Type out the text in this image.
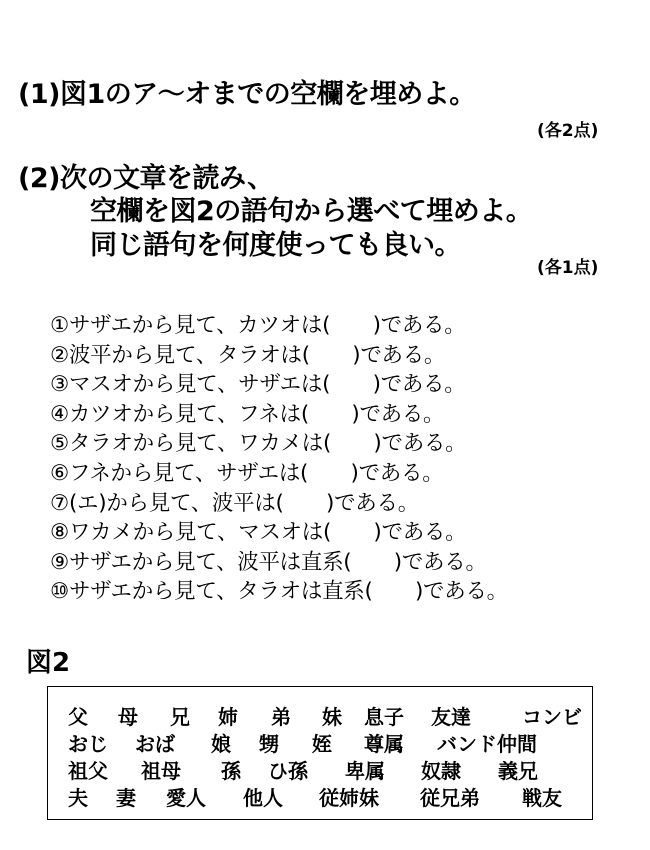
(1)図1のア～オまでの空欄を埋めよ。
(各2点)
(2)次の文章を読み、
空欄を図2の語句から選べて埋めよ。
同じ語句を何度使っても良い。
(各1点)
①サザエから見て、カツオは(　　)である。
②波平から見て、タラオは(　　)である。
③マスオから見て、サザエは(　　)である。
④カツオから見て、フネは(　　)である。
⑤タラオから見て、ワカメは(　　)である。
⑥フネから見て、サザエは(　　)である。
⑦(エ)から見て、波平は(　　)である。
⑧ワカメから見て、マスオは(　　)である。
⑨サザエから見て、波平は直系(　　)である。
⑩サザエから見て、タラオは直系(　　)である。
図2
父 母 兄 姉 弟 妹 息子 友達	コンビ
おじ おば 娘 甥 姪 尊属 バンド仲間
祖父 祖母 孫 ひ孫 卑属 奴隷 義兄
夫 妻 愛人 他人 従姉妹 従兄弟 戦友
